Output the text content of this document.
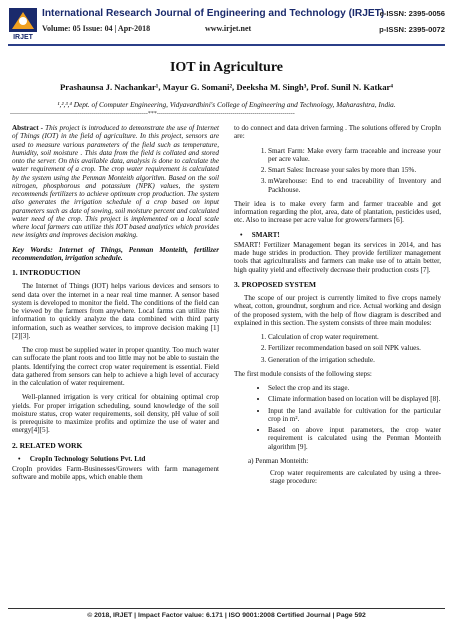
IRJET
International Research Journal of Engineering and Technology (IRJET)
e-ISSN: 2395-0056
Volume: 05 Issue: 04 | Apr-2018	www.irjet.net	p-ISSN: 2395-0072
IOT in Agriculture
Prashaunsa J. Nachankar¹, Mayur G. Somani², Deeksha M. Singh³, Prof. Sunil N. Katkar⁴
¹,²,³,⁴ Dept. of Computer Engineering, Vidyavardhini's College of Engineering and Technology, Maharashtra, India.
---------------------------------------------------------------------***---------------------------------------------------------------------

Abstract - This project is introduced to demonstrate the use of Internet of Things (IOT) in the field of agriculture. In this project, sensors are used to measure various parameters of the field such as temperature, humidity, soil moisture . This data from the field is collated and stored onto the server. On this available data, analysis is done to calculate the water requirement of a crop. The crop water requirement is calculated by the system using the Penman Monteith algorithm. Based on the soil nitrogen, phosphorous and potassium (NPK) values, the system recommends fertilizers to achieve optimum crop production. The system also generates the irrigation schedule of a crop based on input parameters such as date of sowing, soil moisture percent and calculated water need of the crop. This project is implemented on a local scale where local farmers can utilize this IOT based analytics which provides new insights and improves decision making.

Key Words: Internet of Things, Penman Monteith, fertilizer recommendation, irrigation schedule.

1. INTRODUCTION

The Internet of Things (IOT) helps various devices and sensors to send data over the internet in a near real time manner. A sensor based system is developed to monitor the field. The conditions of the field can be viewed by the farmers from anywhere. Local farms can utilize this information to quickly analyze the data combined with third party information, such as weather services, to improve decision making [1][2][3].

The crop must be supplied water in proper quantity. Too much water can suffocate the plant roots and too little may not be able to sustain the plants. Identifying the correct crop water requirement is essential. Field data gathered from sensors can help to achieve a high level of accuracy in the calculation of water requirement.

Well-planned irrigation is very critical for obtaining optimal crop yields. For proper irrigation scheduling, sound knowledge of the soil moisture status, crop water requirements, soil density, pH value of soil is prerequisite to maximize profits and optimize the use of water and energy[4][5].

2. RELATED WORK
• CropIn Technology Solutions Pvt. Ltd

CropIn provides Farm-Businesses/Growers with farm management software and mobile apps, which enable them

to do connect and data driven farming . The solutions offered by CropIn are:

1. Smart Farm: Make every farm traceable and increase your per acre value.
2. Smart Sales: Increase your sales by more than 15%.
3. mWarehouse: End to end traceability of Inventory and Packhouse.

Their idea is to make every farm and farmer traceable and get information regarding the plot, area, date of plantation, pesticides used, etc. Also to increase per acre value for growers/farmers [6].

• SMART!

SMART! Fertilizer Management began its services in 2014, and has made huge strides in production. They provide fertilizer management tools that agriculturalists and farmers can make use of to attain better, high quality yield and effectively decrease their production costs [7].

3. PROPOSED SYSTEM

The scope of our project is currently limited to five crops namely wheat, cotton, groundnut, sorghum and rice. Actual working and design of the proposed system, with the help of flow diagram is described and explained in this section. The system consists of three main modules:

1. Calculation of crop water requirement.
2. Fertilizer recommendation based on soil NPK values.
3. Generation of the irrigation schedule.

The first module consists of the following steps:

• Select the crop and its stage.
• Climate information based on location will be displayed [8].
• Input the land available for cultivation for the particular crop in m².
• Based on above input parameters, the crop water requirement is calculated using the Penman Monteith algorithm [9].
a) Penman Monteith:
Crop water requirements are calculated by using a three-stage procedure:
© 2018, IRJET | Impact Factor value: 6.171 | ISO 9001:2008 Certified Journal | Page 592
